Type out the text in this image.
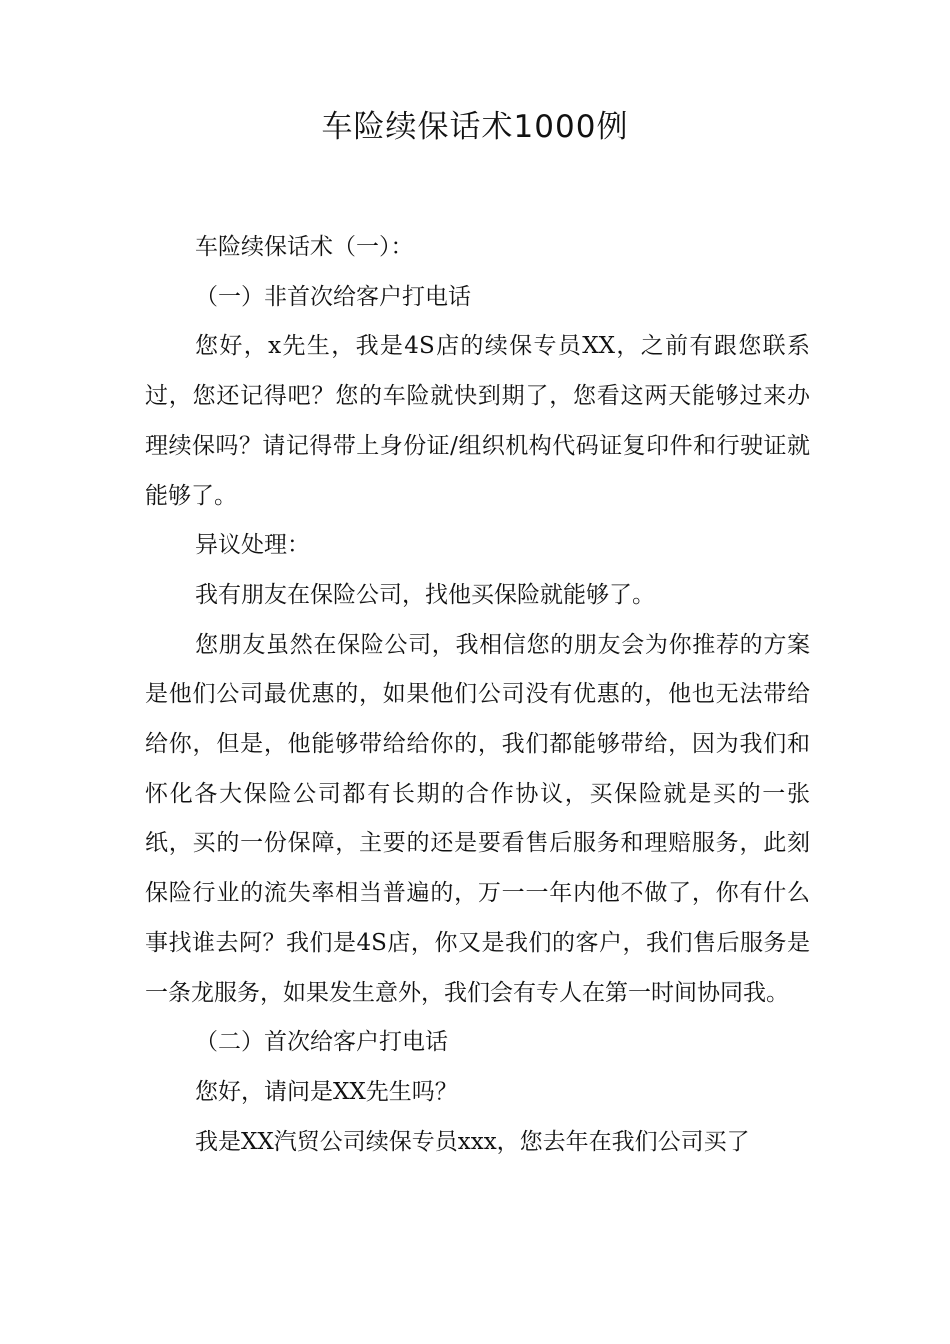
车险续保话术1000例

车险续保话术（一）：

（一）非首次给客户打电话

您好，x先生，我是4S店的续保专员XX，之前有跟您联系过，您还记得吧？您的车险就快到期了，您看这两天能够过来办理续保吗？请记得带上身份证/组织机构代码证复印件和行驶证就能够了。

异议处理：

我有朋友在保险公司，找他买保险就能够了。

您朋友虽然在保险公司，我相信您的朋友会为你推荐的方案是他们公司最优惠的，如果他们公司没有优惠的，他也无法带给给你，但是，他能够带给给你的，我们都能够带给，因为我们和怀化各大保险公司都有长期的合作协议，买保险就是买的一张纸，买的一份保障，主要的还是要看售后服务和理赔服务，此刻保险行业的流失率相当普遍的，万一一年内他不做了，你有什么事找谁去阿？我们是4S店，你又是我们的客户，我们售后服务是一条龙服务，如果发生意外，我们会有专人在第一时间协同我。

（二）首次给客户打电话

您好，请问是XX先生吗？

我是XX汽贸公司续保专员xxx，您去年在我们公司买了
